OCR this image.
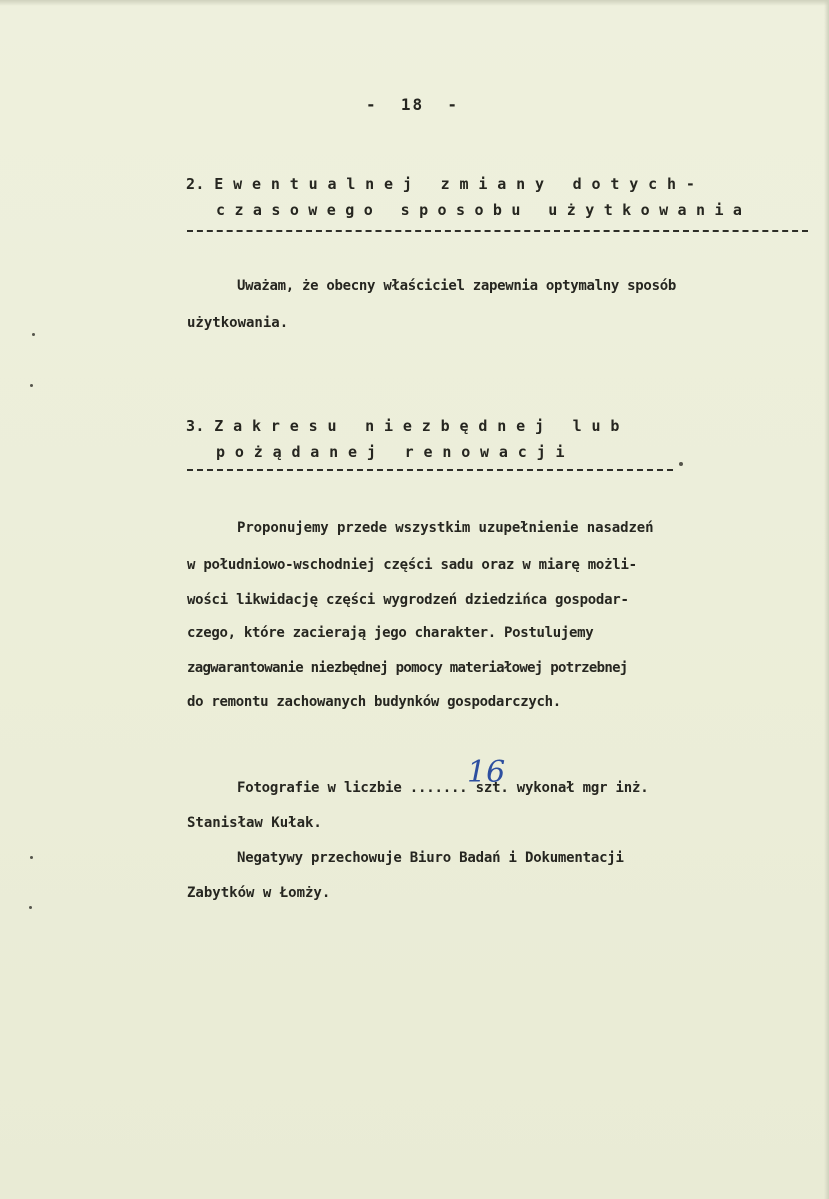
-  18  -

2. E w e n t u a l n e j   z m i a n y   d o t y c h -

c z a s o w e g o   s p o s o b u   u ż y t k o w a n i a

Uważam, że obecny właściciel zapewnia optymalny sposób

użytkowania.

3. Z a k r e s u   n i e z b ę d n e j   l u b

p o ż ą d a n e j   r e n o w a c j i

Proponujemy przede wszystkim uzupełnienie nasadzeń

w południowo-wschodniej części sadu oraz w miarę możli-

wości likwidację części wygrodzeń dziedzińca gospodar-

czego, które zacierają jego charakter. Postulujemy

zagwarantowanie niezbędnej pomocy materiałowej potrzebnej

do remontu zachowanych budynków gospodarczych.

Fotografie w liczbie ....... szt. wykonał mgr inż.

16

Stanisław Kułak.

Negatywy przechowuje Biuro Badań i Dokumentacji

Zabytków w Łomży.
